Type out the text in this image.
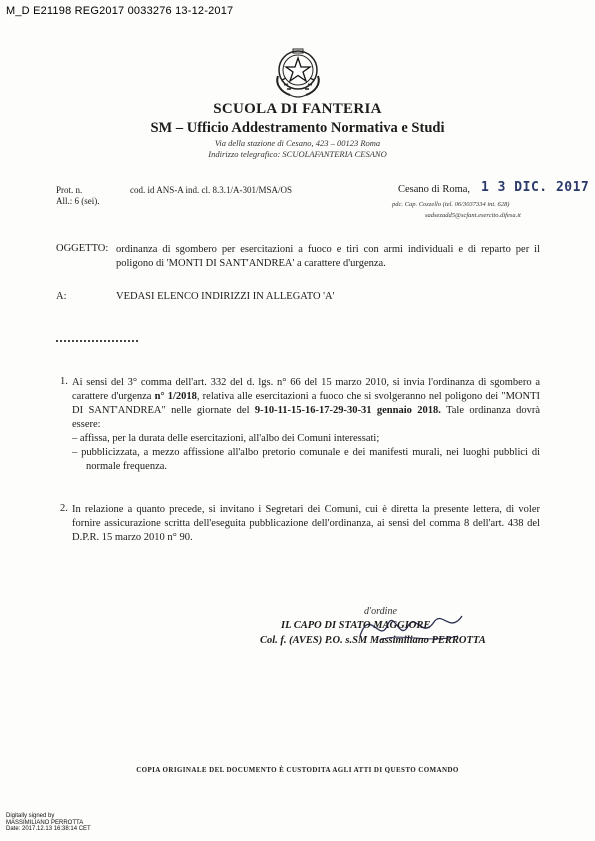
M_D E21198 REG2017 0033276 13-12-2017
SCUOLA DI FANTERIA
SM – Ufficio Addestramento Normativa e Studi
Via della stazione di Cesano, 423 – 00123 Roma
Indirizzo telegrafico: SCUOLAFANTERIA CESANO
Prot. n.
All.: 6 (sei).
cod. id ANS-A ind. cl. 8.3.1/A-301/MSA/OS	Cesano di Roma, 1 3 DIC. 2017
pdc. Cap. Cozzello (tel. 06/3037334 int. 628)
sadsezadd5@scfant.esercito.difesa.it
OGGETTO: ordinanza di sgombero per esercitazioni a fuoco e tiri con armi individuali e di reparto per il poligono di 'MONTI DI SANT'ANDREA' a carattere d'urgenza.
A:	VEDASI ELENCO INDIRIZZI IN ALLEGATO 'A'
1. Ai sensi del 3° comma dell'art. 332 del d. lgs. n° 66 del 15 marzo 2010, si invia l'ordinanza di sgombero a carattere d'urgenza n° 1/2018, relativa alle esercitazioni a fuoco che si svolgeranno nel poligono dei "MONTI DI SANT'ANDREA" nelle giornate del 9-10-11-15-16-17-29-30-31 gennaio 2018. Tale ordinanza dovrà essere:
– affissa, per la durata delle esercitazioni, all'albo dei Comuni interessati;
– pubblicizzata, a mezzo affissione all'albo pretorio comunale e dei manifesti murali, nei luoghi pubblici di normale frequenza.
2. In relazione a quanto precede, si invitano i Segretari dei Comuni, cui è diretta la presente lettera, di voler fornire assicurazione scritta dell'eseguita pubblicazione dell'ordinanza, ai sensi del comma 8 dell'art. 438 del D.P.R. 15 marzo 2010 n° 90.
d'ordine
IL CAPO DI STATO MAGGIORE
Col. f. (AVES) P.O. s.SM Massimiliano PERROTTA
COPIA ORIGINALE DEL DOCUMENTO È CUSTODITA AGLI ATTI DI QUESTO COMANDO
Digitally signed by
MASSIMILIANO PERROTTA
Date: 2017.12.13 16:38:14 CET
